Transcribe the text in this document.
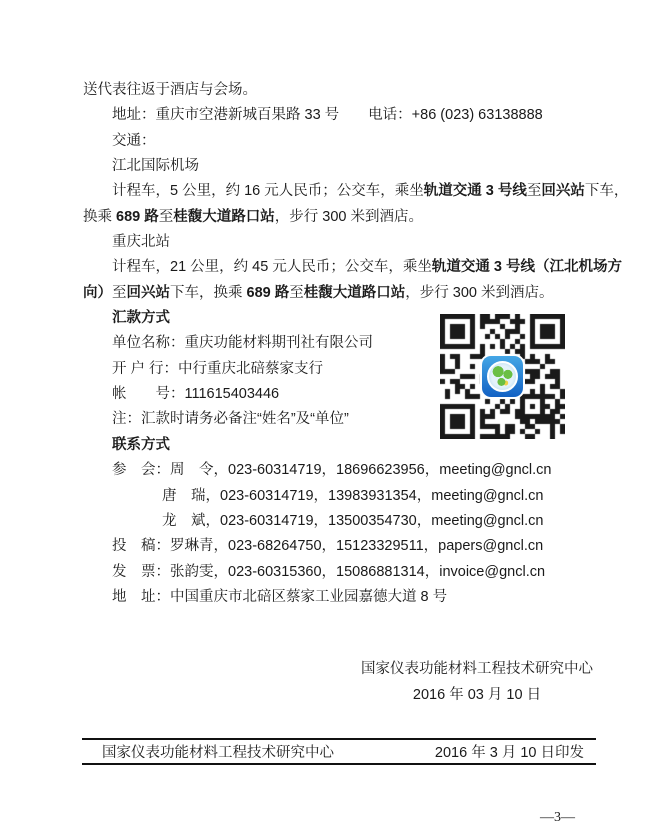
送代表往返于酒店与会场。
地址：重庆市空港新城百果路 33 号　　电话：+86 (023) 63138888
交通：
江北国际机场
计程车，5 公里，约 16 元人民币；公交车，乘坐轨道交通 3 号线至回兴站下车，
换乘 689 路至桂馥大道路口站，步行 300 米到酒店。
重庆北站
计程车，21 公里，约 45 元人民币；公交车，乘坐轨道交通 3 号线（江北机场方
向）至回兴站下车，换乘 689 路至桂馥大道路口站，步行 300 米到酒店。
汇款方式
单位名称：重庆功能材料期刊社有限公司
开 户 行：中行重庆北碚蔡家支行
帐　　号：111615403446
注：汇款时请务必备注“姓名”及“单位”
联系方式
参　会：周　令，023-60314719，18696623956，meeting@gncl.cn
唐　瑞，023-60314719，13983931354，meeting@gncl.cn
龙　斌，023-60314719，13500354730，meeting@gncl.cn
投　稿：罗琳青，023-68264750，15123329511，papers@gncl.cn
发　票：张韵雯，023-60315360，15086881314，invoice@gncl.cn
地　址：中国重庆市北碚区蔡家工业园嘉德大道 8 号
国家仪表功能材料工程技术研究中心
2016 年 03 月 10 日
国家仪表功能材料工程技术研究中心	2016 年 3 月 10 日印发
—3—
